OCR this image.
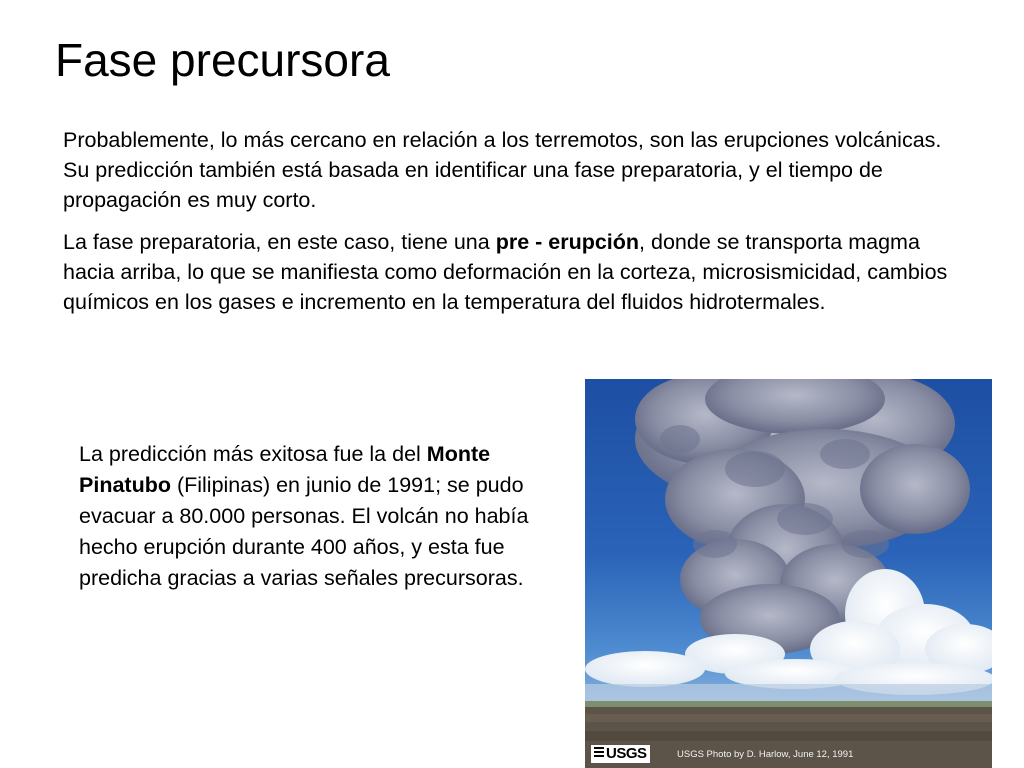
Fase precursora

Probablemente, lo más cercano en relación a los terremotos, son las erupciones volcánicas. Su predicción también está basada en identificar una fase preparatoria, y el tiempo de propagación es muy corto.

La fase preparatoria, en este caso, tiene una pre - erupción, donde se transporta magma hacia arriba, lo que se manifiesta como deformación en la corteza, microsismicidad, cambios químicos en los gases e incremento en la temperatura del fluidos hidrotermales.

La predicción más exitosa fue la del Monte Pinatubo (Filipinas) en junio de 1991; se pudo evacuar a 80.000 personas. El volcán no había hecho erupción durante 400 años, y esta fue predicha gracias a varias señales precursoras.

USGS	USGS Photo by D. Harlow, June 12, 1991
